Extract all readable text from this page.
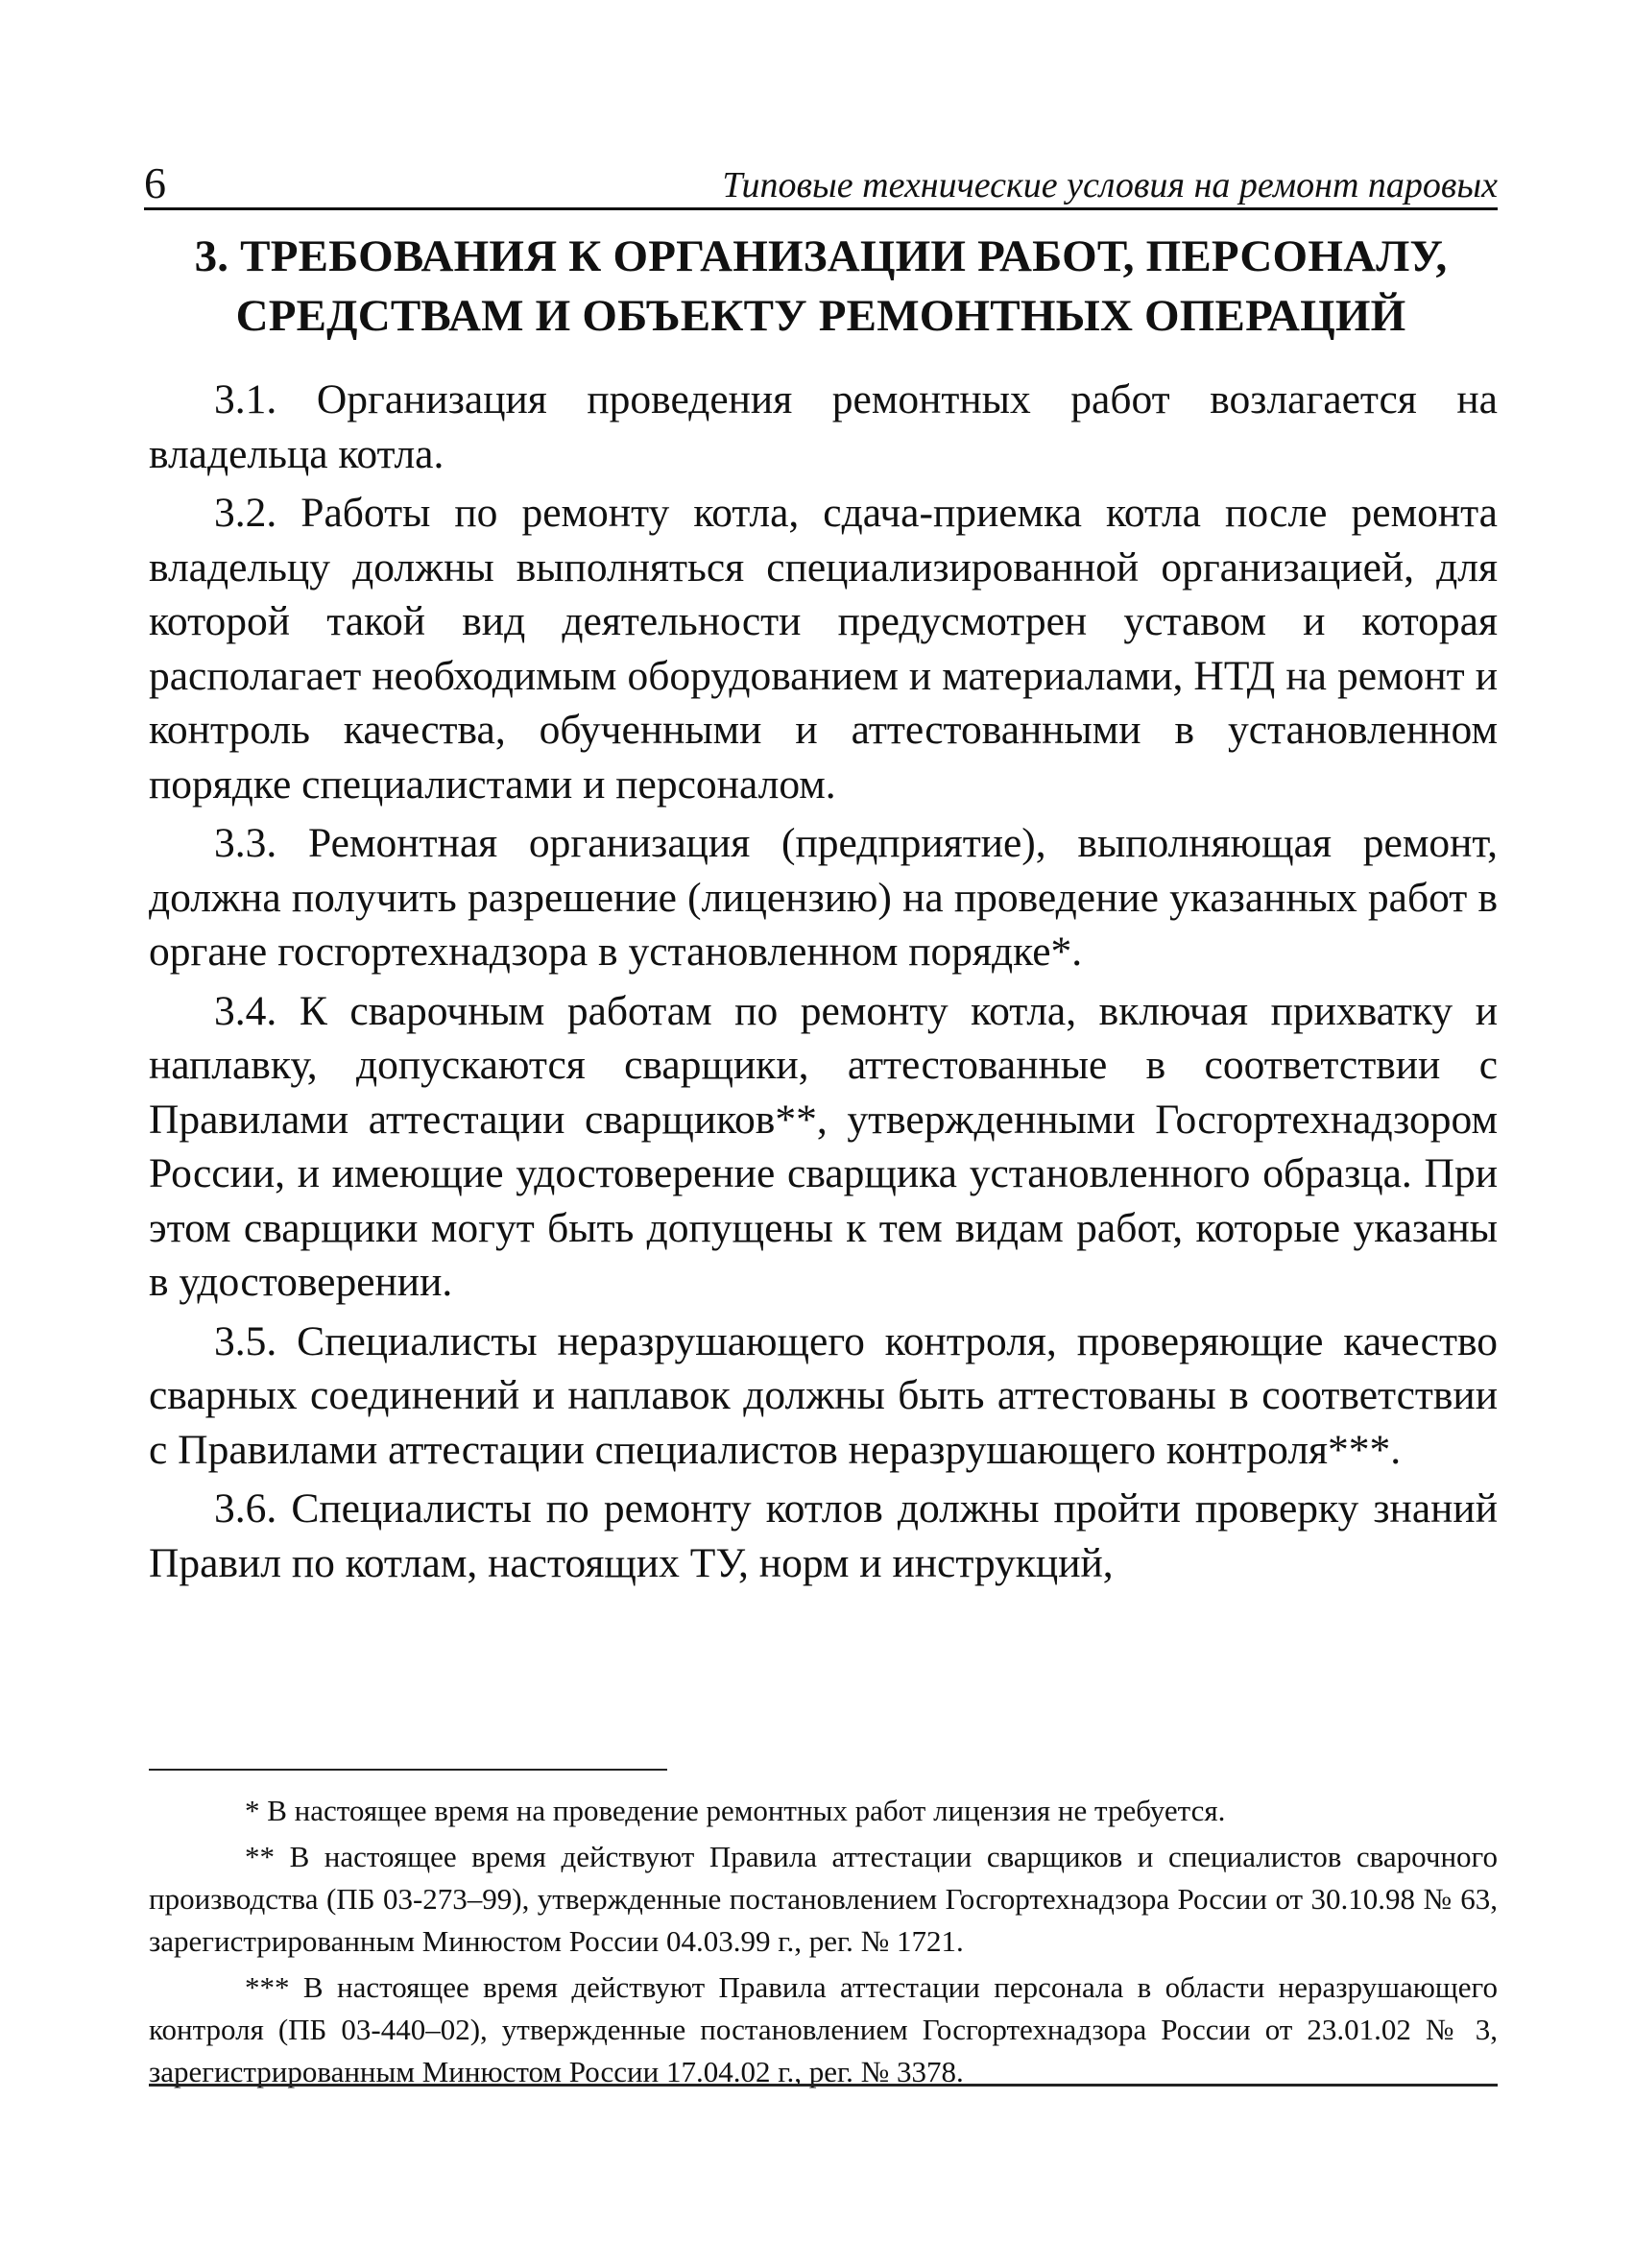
6	Типовые технические условия на ремонт паровых
3. ТРЕБОВАНИЯ К ОРГАНИЗАЦИИ РАБОТ, ПЕРСОНАЛУ,
СРЕДСТВАМ И ОБЪЕКТУ РЕМОНТНЫХ ОПЕРАЦИЙ

3.1. Организация проведения ремонтных работ возлагается на владельца котла.

3.2. Работы по ремонту котла, сдача-приемка котла после ремонта владельцу должны выполняться специализированной организацией, для которой такой вид деятельности предусмотрен уставом и которая располагает необходимым оборудованием и материалами, НТД на ремонт и контроль качества, обученными и аттестованными в установленном порядке специалистами и персоналом.

3.3. Ремонтная организация (предприятие), выполняющая ремонт, должна получить разрешение (лицензию) на проведение указанных работ в органе госгортехнадзора в установленном порядке*.

3.4. К сварочным работам по ремонту котла, включая прихватку и наплавку, допускаются сварщики, аттестованные в соответствии с Правилами аттестации сварщиков**, утвержденными Госгортехнадзором России, и имеющие удостоверение сварщика установленного образца. При этом сварщики могут быть допущены к тем видам работ, которые указаны в удостоверении.

3.5. Специалисты неразрушающего контроля, проверяющие качество сварных соединений и наплавок должны быть аттестованы в соответствии с Правилами аттестации специалистов неразрушающего контроля***.

3.6. Специалисты по ремонту котлов должны пройти проверку знаний Правил по котлам, настоящих ТУ, норм и инструкций,

* В настоящее время на проведение ремонтных работ лицензия не требуется.

** В настоящее время действуют Правила аттестации сварщиков и специалистов сварочного производства (ПБ 03-273–99), утвержденные постановлением Госгортехнадзора России от 30.10.98 № 63, зарегистрированным Минюстом России 04.03.99 г., рег. № 1721.

*** В настоящее время действуют Правила аттестации персонала в области неразрушающего контроля (ПБ 03-440–02), утвержденные постановлением Госгортехнадзора России от 23.01.02 № 3, зарегистрированным Минюстом России 17.04.02 г., рег. № 3378.
